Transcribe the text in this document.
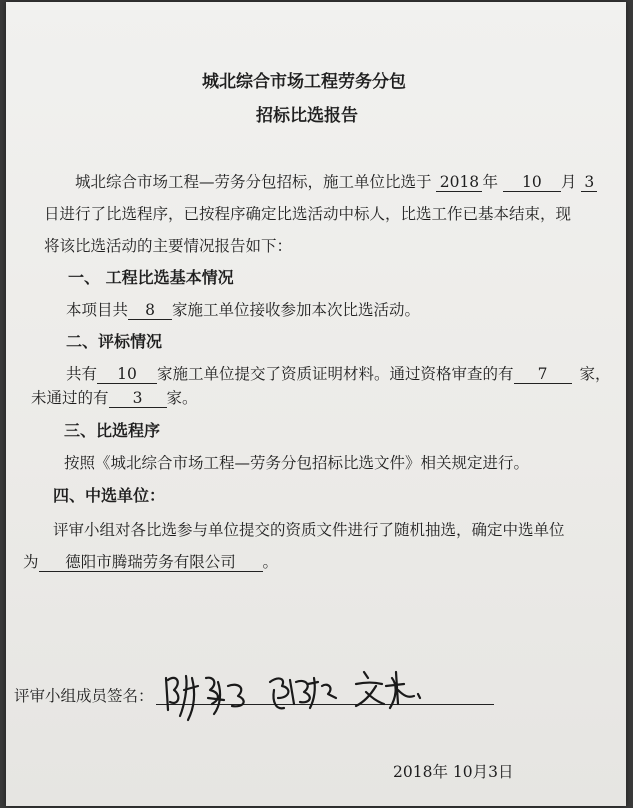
城北综合市场工程劳务分包
招标比选报告
城北综合市场工程—劳务分包招标，施工单位比选于 2018 年 10 月 3
日进行了比选程序，已按程序确定比选活动中标人，比选工作已基本结束，现
将该比选活动的主要情况报告如下：
一、 工程比选基本情况
本项目共 8 家施工单位接收参加本次比选活动。
二、评标情况
共有 10 家施工单位提交了资质证明材料。通过资格审查的有 7 家，
未通过的有 3 家。
三、比选程序
按照《城北综合市场工程—劳务分包招标比选文件》相关规定进行。
四、中选单位：
评审小组对各比选参与单位提交的资质文件进行了随机抽选，确定中选单位
为 德阳市腾瑞劳务有限公司 。
评审小组成员签名：
2018年 10月3日
